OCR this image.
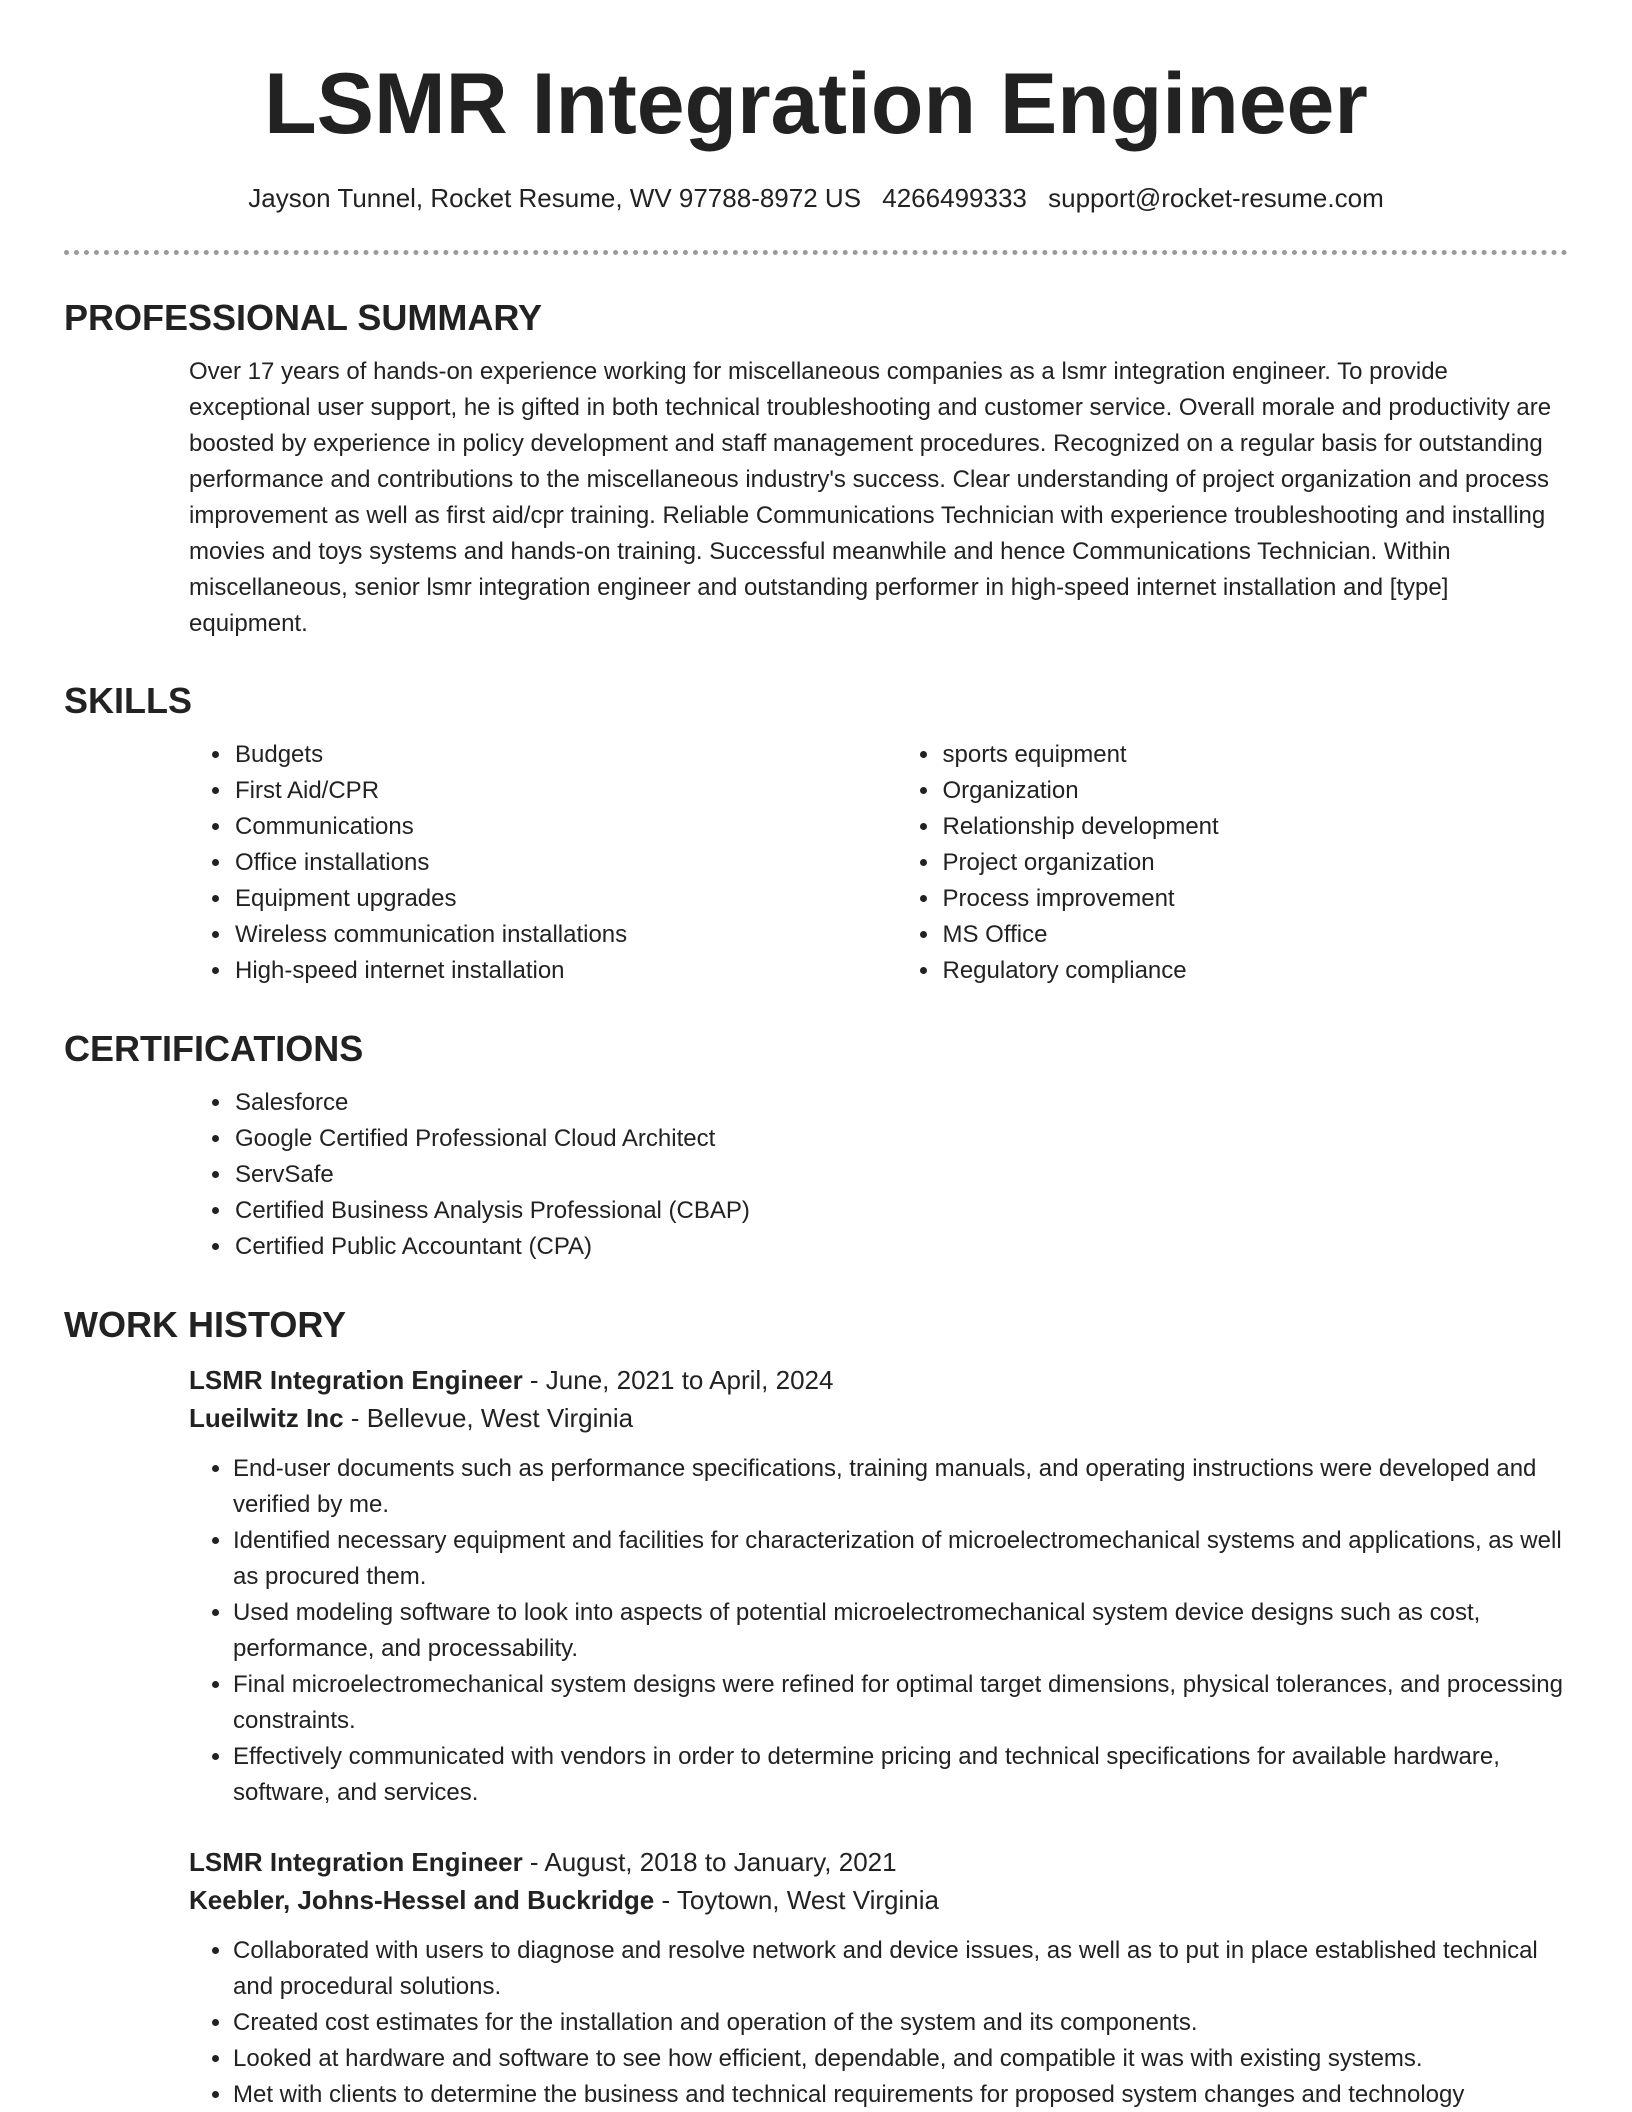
LSMR Integration Engineer
Jayson Tunnel, Rocket Resume, WV 97788-8972 US 4266499333 support@rocket-resume.com
PROFESSIONAL SUMMARY

Over 17 years of hands-on experience working for miscellaneous companies as a lsmr integration engineer. To provide exceptional user support, he is gifted in both technical troubleshooting and customer service. Overall morale and productivity are boosted by experience in policy development and staff management procedures. Recognized on a regular basis for outstanding performance and contributions to the miscellaneous industry's success. Clear understanding of project organization and process improvement as well as first aid/cpr training. Reliable Communications Technician with experience troubleshooting and installing movies and toys systems and hands-on training. Successful meanwhile and hence Communications Technician. Within miscellaneous, senior lsmr integration engineer and outstanding performer in high-speed internet installation and [type] equipment.

SKILLS
• Budgets
• First Aid/CPR
• Communications
• Office installations
• Equipment upgrades
• Wireless communication installations
• High-speed internet installation
• sports equipment
• Organization
• Relationship development
• Project organization
• Process improvement
• MS Office
• Regulatory compliance
CERTIFICATIONS
• Salesforce
• Google Certified Professional Cloud Architect
• ServSafe
• Certified Business Analysis Professional (CBAP)
• Certified Public Accountant (CPA)
WORK HISTORY

LSMR Integration Engineer - June, 2021 to April, 2024

Lueilwitz Inc - Bellevue, West Virginia

• End-user documents such as performance specifications, training manuals, and operating instructions were developed and verified by me.
• Identified necessary equipment and facilities for characterization of microelectromechanical systems and applications, as well as procured them.
• Used modeling software to look into aspects of potential microelectromechanical system device designs such as cost, performance, and processability.
• Final microelectromechanical system designs were refined for optimal target dimensions, physical tolerances, and processing constraints.
• Effectively communicated with vendors in order to determine pricing and technical specifications for available hardware, software, and services.

LSMR Integration Engineer - August, 2018 to January, 2021

Keebler, Johns-Hessel and Buckridge - Toytown, West Virginia

• Collaborated with users to diagnose and resolve network and device issues, as well as to put in place established technical and procedural solutions.
• Created cost estimates for the installation and operation of the system and its components.
• Looked at hardware and software to see how efficient, dependable, and compatible it was with existing systems.
• Met with clients to determine the business and technical requirements for proposed system changes and technology
